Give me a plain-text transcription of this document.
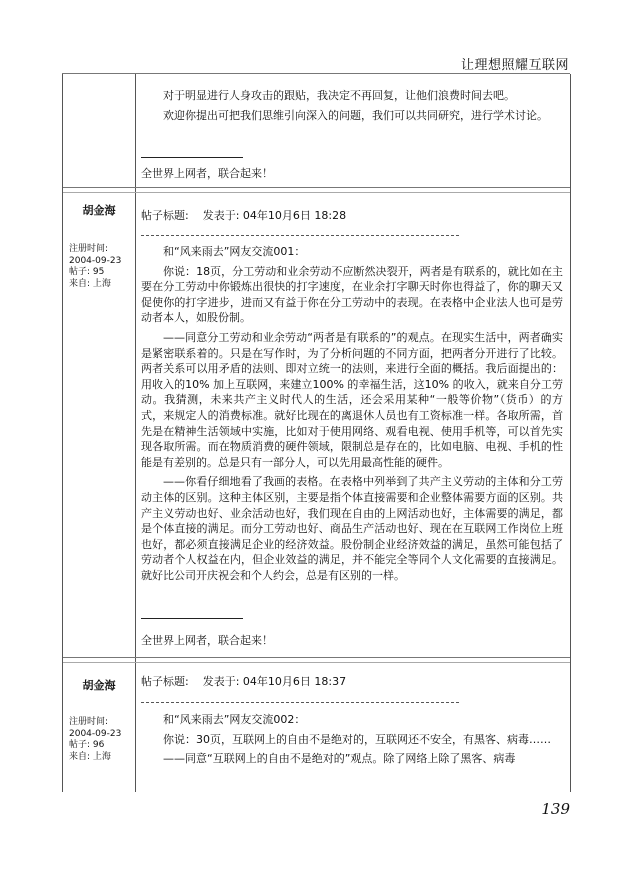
让理想照耀互联网

对于明显进行人身攻击的跟贴，我决定不再回复，让他们浪费时间去吧。

欢迎你提出可把我们思维引向深入的问题，我们可以共同研究，进行学术讨论。

全世界上网者，联合起来！
胡金海
注册时间:
2004-09-23
帖子: 95
来自: 上海
帖子标题: 发表于: 04年10月6日 18:28

和“风来雨去”网友交流001：

你说：18页，分工劳动和业余劳动不应断然决裂开，两者是有联系的，就比如在主要在分工劳动中你锻炼出很快的打字速度，在业余打字聊天时你也得益了，你的聊天又促使你的打字进步，进而又有益于你在分工劳动中的表现。在表格中企业法人也可是劳动者本人，如股份制。

——同意分工劳动和业余劳动“两者是有联系的”的观点。在现实生活中，两者确实是紧密联系着的。只是在写作时，为了分析问题的不同方面，把两者分开进行了比较。两者关系可以用矛盾的法则、即对立统一的法则，来进行全面的概括。我后面提出的：用收入的10% 加上互联网，来建立100% 的幸福生活，这10% 的收入，就来自分工劳动。我猜测，未来共产主义时代人的生活，还会采用某种“一般等价物”（货币）的方式，来规定人的消费标准。就好比现在的离退休人员也有工资标准一样。各取所需，首先是在精神生活领域中实施，比如对于使用网络、观看电视、使用手机等，可以首先实现各取所需。而在物质消费的硬件领域，限制总是存在的，比如电脑、电视、手机的性能是有差别的。总是只有一部分人，可以先用最高性能的硬件。

——你看仔细地看了我画的表格。在表格中列举到了共产主义劳动的主体和分工劳动主体的区别。这种主体区别，主要是指个体直接需要和企业整体需要方面的区别。共产主义劳动也好、业余活动也好，我们现在自由的上网活动也好，主体需要的满足，都是个体直接的满足。而分工劳动也好、商品生产活动也好、现在在互联网工作岗位上班也好，都必须直接满足企业的经济效益。股份制企业经济效益的满足，虽然可能包括了劳动者个人权益在内，但企业效益的满足，并不能完全等同个人文化需要的直接满足。就好比公司开庆祝会和个人约会，总是有区别的一样。

全世界上网者，联合起来！
胡金海
注册时间:
2004-09-23
帖子: 96
来自: 上海
帖子标题: 发表于: 04年10月6日 18:37

和“风来雨去”网友交流002：

你说：30页，互联网上的自由不是绝对的，互联网还不安全，有黑客、病毒……

——同意“互联网上的自由不是绝对的”观点。除了网络上除了黑客、病毒

139
